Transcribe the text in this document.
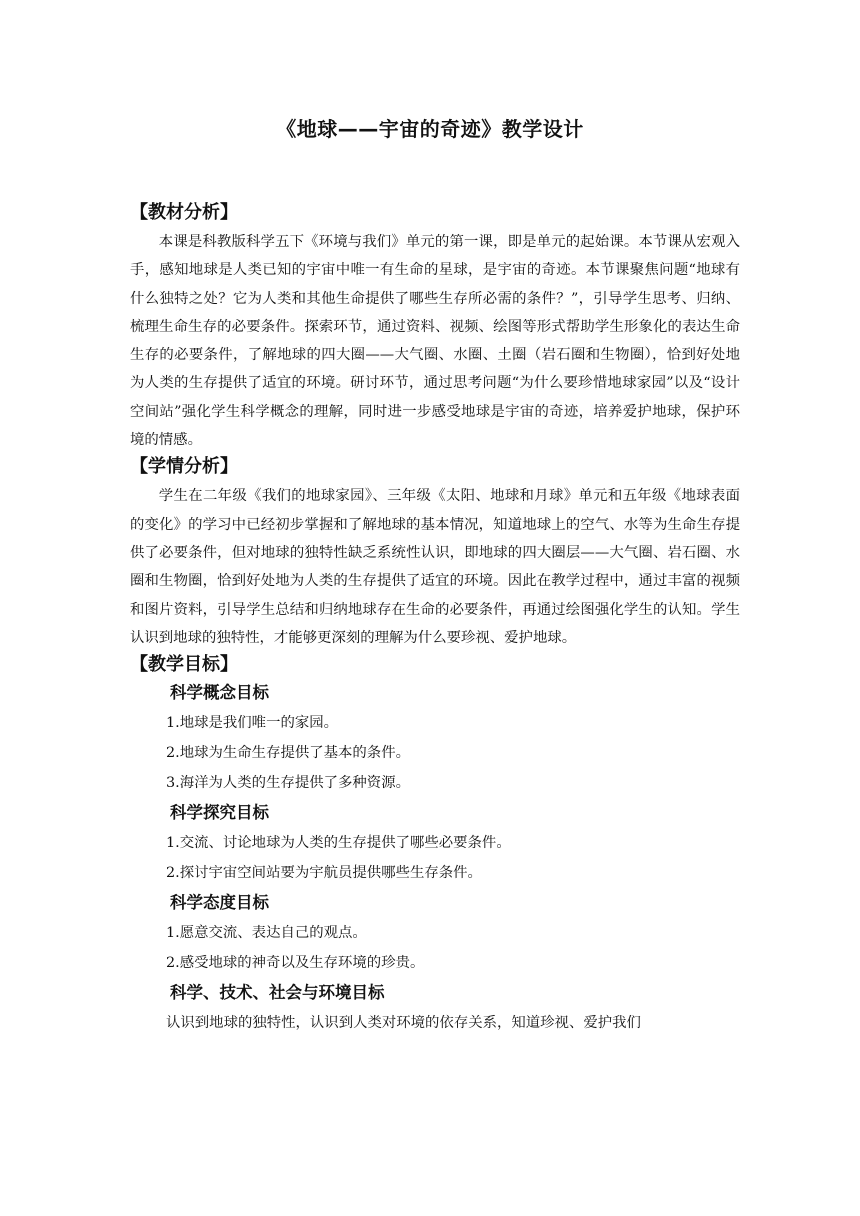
《地球——宇宙的奇迹》教学设计
【教材分析】

本课是科教版科学五下《环境与我们》单元的第一课，即是单元的起始课。本节课从宏观入手，感知地球是人类已知的宇宙中唯一有生命的星球，是宇宙的奇迹。本节课聚焦问题“地球有什么独特之处？它为人类和其他生命提供了哪些生存所必需的条件？”，引导学生思考、归纳、梳理生命生存的必要条件。探索环节，通过资料、视频、绘图等形式帮助学生形象化的表达生命生存的必要条件，了解地球的四大圈——大气圈、水圈、土圈（岩石圈和生物圈），恰到好处地为人类的生存提供了适宜的环境。研讨环节，通过思考问题“为什么要珍惜地球家园”以及“设计空间站”强化学生科学概念的理解，同时进一步感受地球是宇宙的奇迹，培养爱护地球，保护环境的情感。

【学情分析】

学生在二年级《我们的地球家园》、三年级《太阳、地球和月球》单元和五年级《地球表面的变化》的学习中已经初步掌握和了解地球的基本情况，知道地球上的空气、水等为生命生存提供了必要条件，但对地球的独特性缺乏系统性认识，即地球的四大圈层——大气圈、岩石圈、水圈和生物圈，恰到好处地为人类的生存提供了适宜的环境。因此在教学过程中，通过丰富的视频和图片资料，引导学生总结和归纳地球存在生命的必要条件，再通过绘图强化学生的认知。学生认识到地球的独特性，才能够更深刻的理解为什么要珍视、爱护地球。

【教学目标】
科学概念目标
1.地球是我们唯一的家园。
2.地球为生命生存提供了基本的条件。
3.海洋为人类的生存提供了多种资源。
科学探究目标
1.交流、讨论地球为人类的生存提供了哪些必要条件。
2.探讨宇宙空间站要为宇航员提供哪些生存条件。
科学态度目标
1.愿意交流、表达自己的观点。
2.感受地球的神奇以及生存环境的珍贵。
科学、技术、社会与环境目标

认识到地球的独特性，认识到人类对环境的依存关系，知道珍视、爱护我们
